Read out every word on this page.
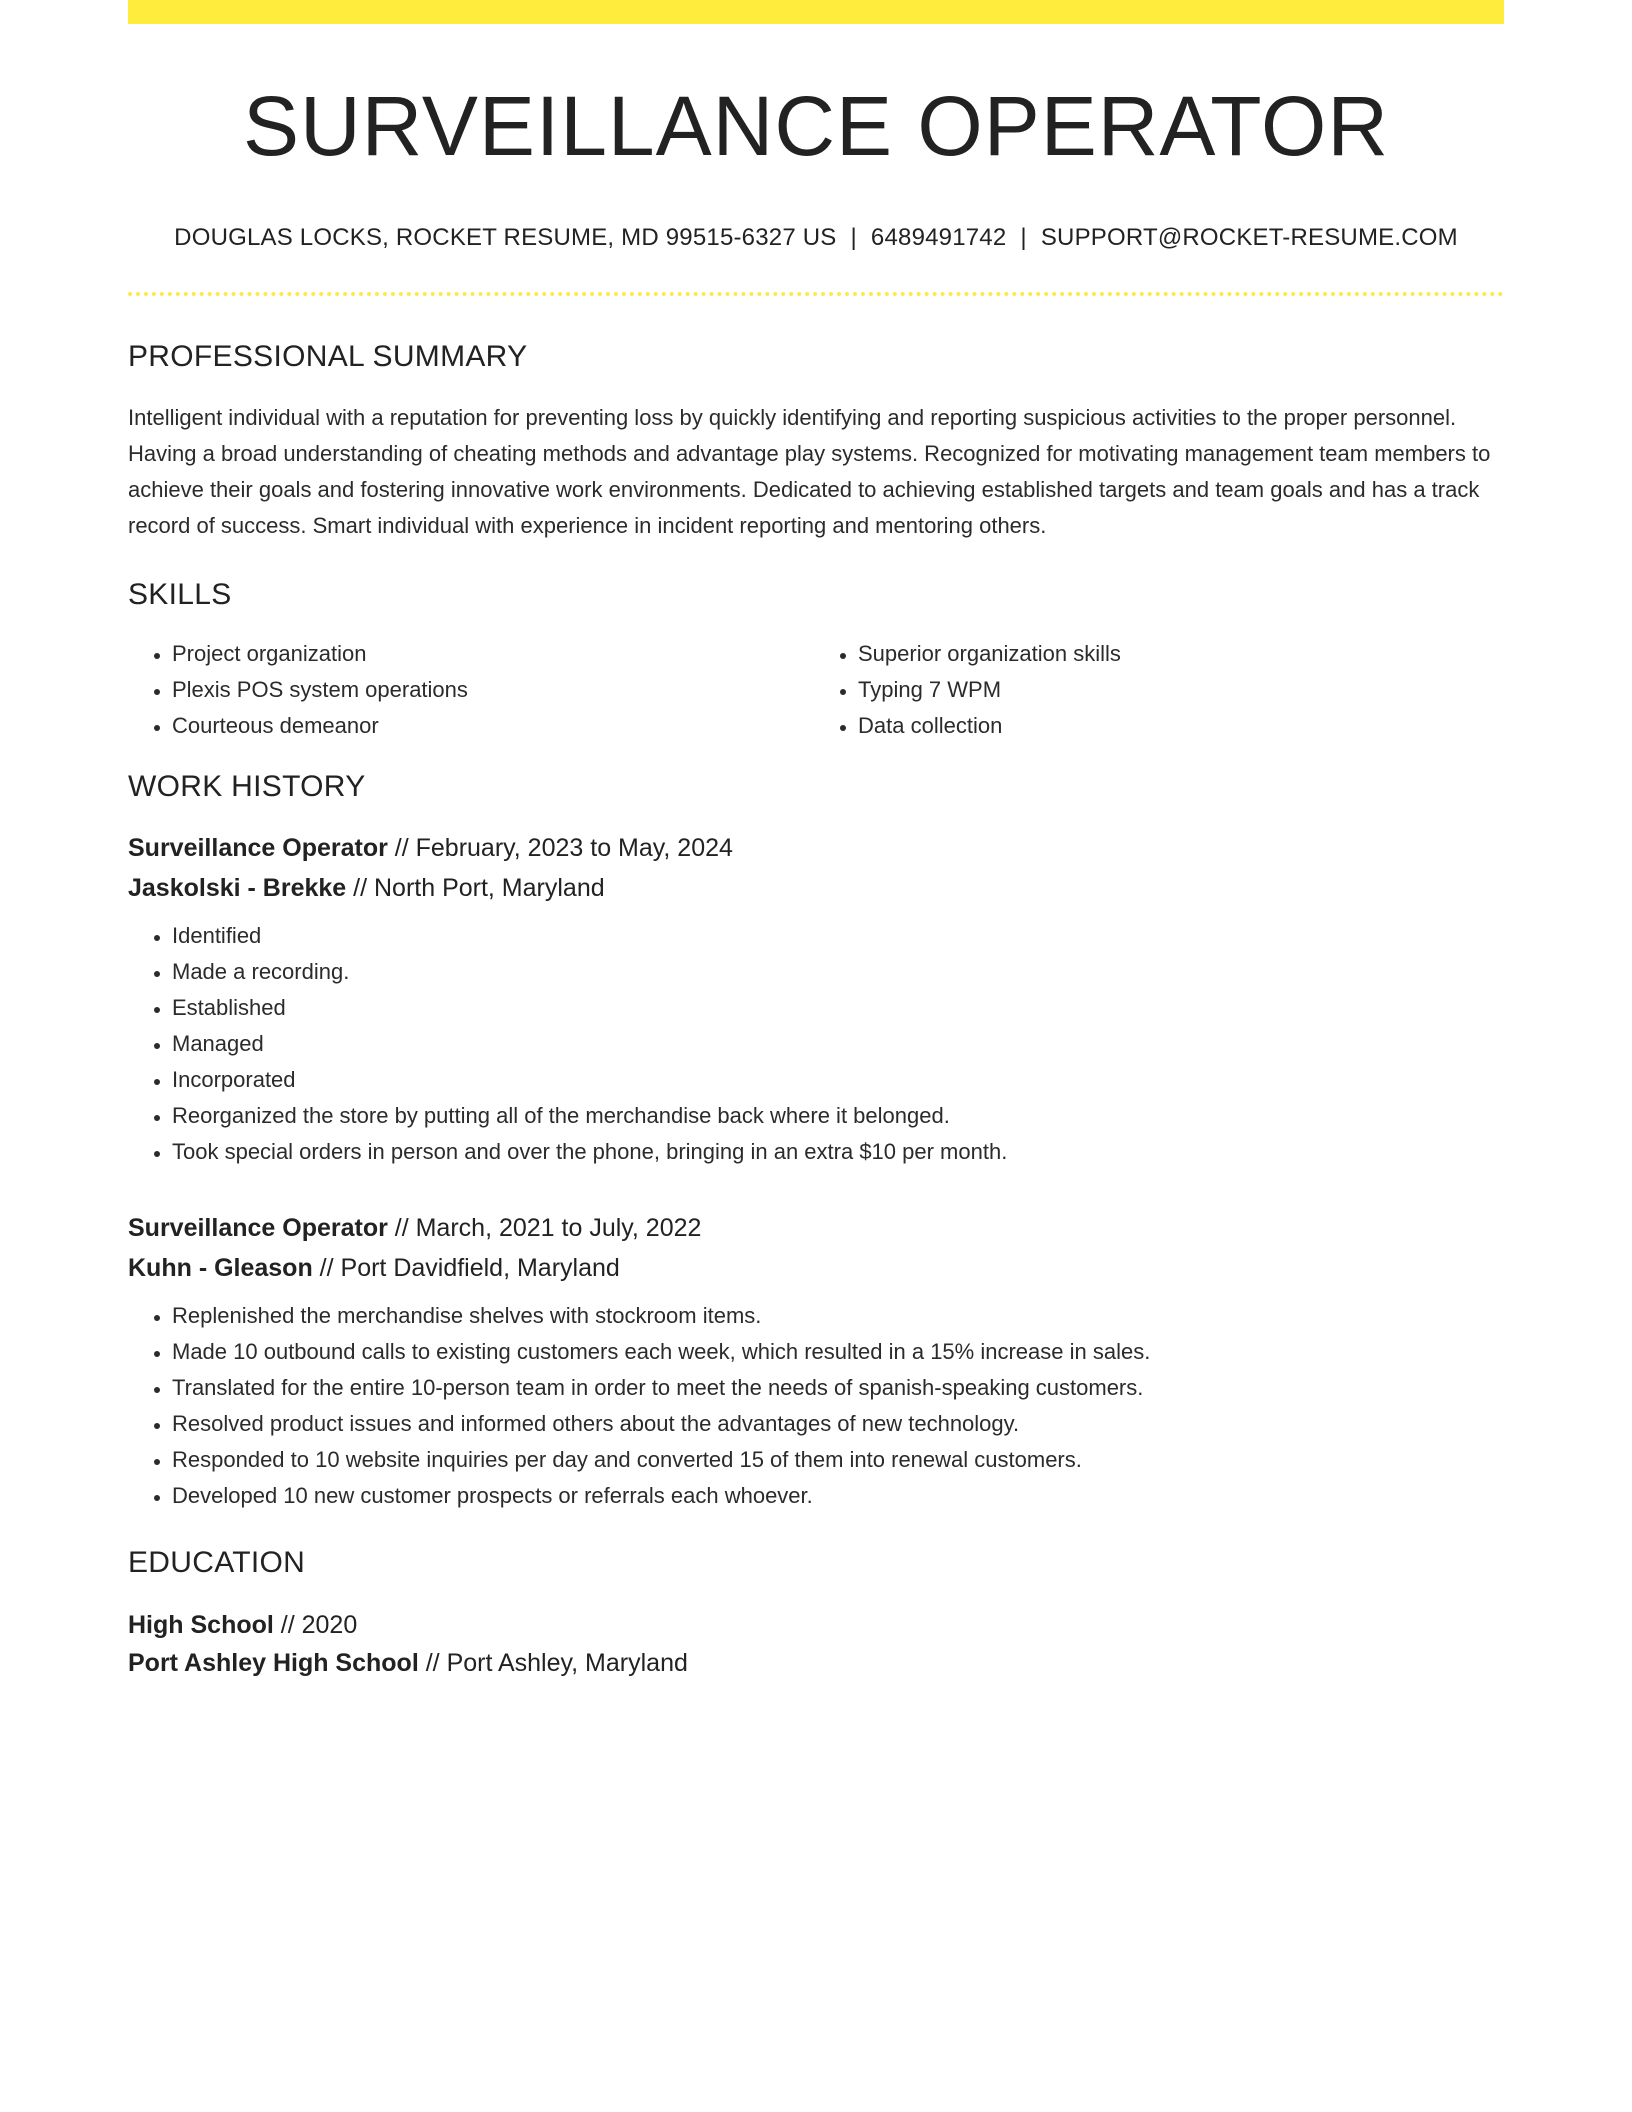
SURVEILLANCE OPERATOR
DOUGLAS LOCKS, ROCKET RESUME, MD 99515-6327 US | 6489491742 | SUPPORT@ROCKET-RESUME.COM
PROFESSIONAL SUMMARY

Intelligent individual with a reputation for preventing loss by quickly identifying and reporting suspicious activities to the proper personnel. Having a broad understanding of cheating methods and advantage play systems. Recognized for motivating management team members to achieve their goals and fostering innovative work environments. Dedicated to achieving established targets and team goals and has a track record of success. Smart individual with experience in incident reporting and mentoring others.

SKILLS
• Project organization
• Plexis POS system operations
• Courteous demeanor
• Superior organization skills
• Typing 7 WPM
• Data collection
WORK HISTORY
Surveillance Operator // February, 2023 to May, 2024
Jaskolski - Brekke // North Port, Maryland
• Identified
• Made a recording.
• Established
• Managed
• Incorporated
• Reorganized the store by putting all of the merchandise back where it belonged.
• Took special orders in person and over the phone, bringing in an extra $10 per month.
Surveillance Operator // March, 2021 to July, 2022
Kuhn - Gleason // Port Davidfield, Maryland
• Replenished the merchandise shelves with stockroom items.
• Made 10 outbound calls to existing customers each week, which resulted in a 15% increase in sales.
• Translated for the entire 10-person team in order to meet the needs of spanish-speaking customers.
• Resolved product issues and informed others about the advantages of new technology.
• Responded to 10 website inquiries per day and converted 15 of them into renewal customers.
• Developed 10 new customer prospects or referrals each whoever.
EDUCATION
High School // 2020
Port Ashley High School // Port Ashley, Maryland
